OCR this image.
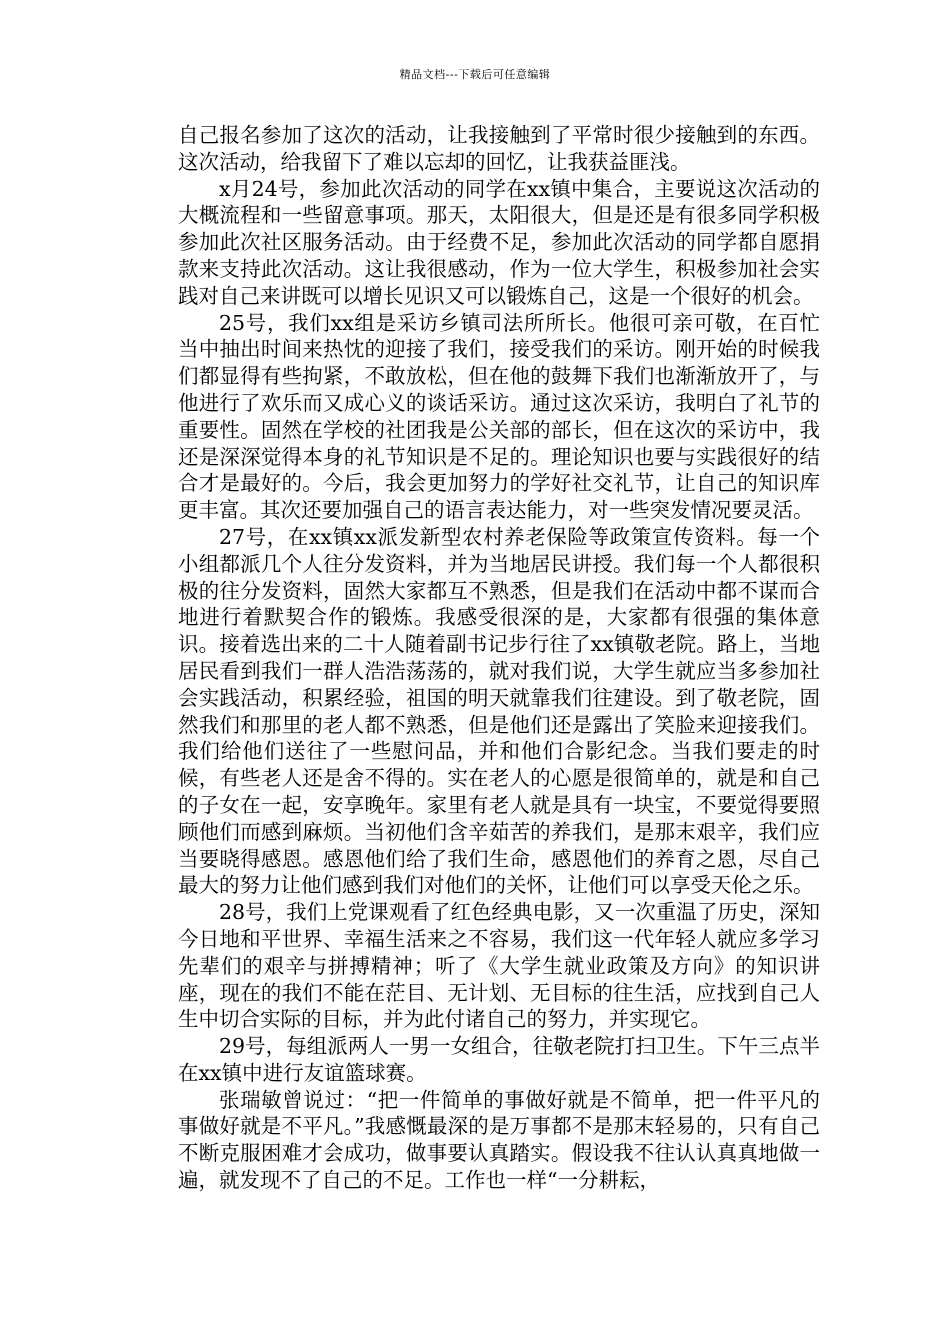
精品文档---下载后可任意编辑

自己报名参加了这次的活动，让我接触到了平常时很少接触到的东西。这次活动，给我留下了难以忘却的回忆，让我获益匪浅。

x月24号，参加此次活动的同学在xx镇中集合，主要说这次活动的大概流程和一些留意事项。那天，太阳很大，但是还是有很多同学积极参加此次社区服务活动。由于经费不足，参加此次活动的同学都自愿捐款来支持此次活动。这让我很感动，作为一位大学生，积极参加社会实践对自己来讲既可以增长见识又可以锻炼自己，这是一个很好的机会。

25号，我们xx组是采访乡镇司法所所长。他很可亲可敬，在百忙当中抽出时间来热忱的迎接了我们，接受我们的采访。刚开始的时候我们都显得有些拘紧，不敢放松，但在他的鼓舞下我们也渐渐放开了，与他进行了欢乐而又成心义的谈话采访。通过这次采访，我明白了礼节的重要性。固然在学校的社团我是公关部的部长，但在这次的采访中，我还是深深觉得本身的礼节知识是不足的。理论知识也要与实践很好的结合才是最好的。今后，我会更加努力的学好社交礼节，让自己的知识库更丰富。其次还要加强自己的语言表达能力，对一些突发情况要灵活。

27号，在xx镇xx派发新型农村养老保险等政策宣传资料。每一个小组都派几个人往分发资料，并为当地居民讲授。我们每一个人都很积极的往分发资料，固然大家都互不熟悉，但是我们在活动中都不谋而合地进行着默契合作的锻炼。我感受很深的是，大家都有很强的集体意识。接着选出来的二十人随着副书记步行往了xx镇敬老院。路上，当地居民看到我们一群人浩浩荡荡的，就对我们说，大学生就应当多参加社会实践活动，积累经验，祖国的明天就靠我们往建设。到了敬老院，固然我们和那里的老人都不熟悉，但是他们还是露出了笑脸来迎接我们。我们给他们送往了一些慰问品，并和他们合影纪念。当我们要走的时候，有些老人还是舍不得的。实在老人的心愿是很简单的，就是和自己的子女在一起，安享晚年。家里有老人就是具有一块宝，不要觉得要照顾他们而感到麻烦。当初他们含辛茹苦的养我们，是那末艰辛，我们应当要晓得感恩。感恩他们给了我们生命，感恩他们的养育之恩，尽自己最大的努力让他们感到我们对他们的关怀，让他们可以享受天伦之乐。

28号，我们上党课观看了红色经典电影，又一次重温了历史，深知今日地和平世界、幸福生活来之不容易，我们这一代年轻人就应多学习先辈们的艰辛与拼搏精神；听了《大学生就业政策及方向》的知识讲座，现在的我们不能在茫目、无计划、无目标的往生活，应找到自己人生中切合实际的目标，并为此付诸自己的努力，并实现它。

29号，每组派两人一男一女组合，往敬老院打扫卫生。下午三点半在xx镇中进行友谊篮球赛。

张瑞敏曾说过：“把一件简单的事做好就是不简单，把一件平凡的事做好就是不平凡。”我感慨最深的是万事都不是那末轻易的，只有自己不断克服困难才会成功，做事要认真踏实。假设我不往认认真真地做一遍，就发现不了自己的不足。工作也一样“一分耕耘，
